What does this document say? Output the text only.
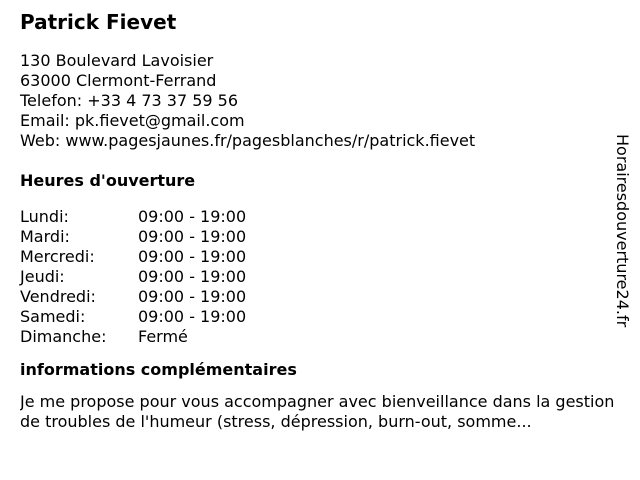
Patrick Fievet
130 Boulevard Lavoisier
63000 Clermont-Ferrand
Telefon: +33 4 73 37 59 56
Email: pk.fievet@gmail.com
Web: www.pagesjaunes.fr/pagesblanches/r/patrick.fievet
Heures d'ouverture
Lundi:	09:00 - 19:00
Mardi:	09:00 - 19:00
Mercredi:	09:00 - 19:00
Jeudi:	09:00 - 19:00
Vendredi:	09:00 - 19:00
Samedi:	09:00 - 19:00
Dimanche:	Fermé
informations complémentaires
Je me propose pour vous accompagner avec bienveillance dans la gestion de troubles de l'humeur (stress, dépression, burn-out, somme...
Horairesdouverture24.fr
